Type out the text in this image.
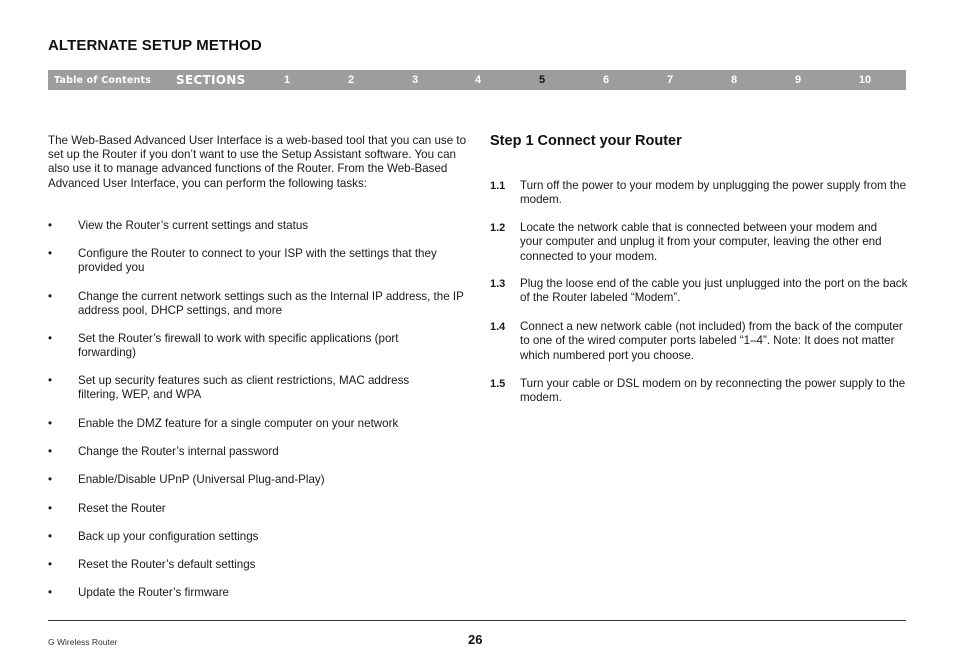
ALTERNATE SETUP METHOD
Table of Contents SECTIONS	1	2	3	4	5	6	7	8	9	10

The Web-Based Advanced User Interface is a web-based tool that you can use to set up the Router if you don’t want to use the Setup Assistant software. You can also use it to manage advanced functions of the Router. From the Web-Based Advanced User Interface, you can perform the following tasks:

• View the Router’s current settings and status
• Configure the Router to connect to your ISP with the settings that they provided you
• Change the current network settings such as the Internal IP address, the IP address pool, DHCP settings, and more
• Set the Router’s firewall to work with specific applications (port forwarding)
• Set up security features such as client restrictions, MAC address filtering, WEP, and WPA
• Enable the DMZ feature for a single computer on your network
• Change the Router’s internal password
• Enable/Disable UPnP (Universal Plug-and-Play)
• Reset the Router
• Back up your configuration settings
• Reset the Router’s default settings
• Update the Router’s firmware
Step 1 Connect your Router
1.1 Turn off the power to your modem by unplugging the power supply from the modem.
1.2 Locate the network cable that is connected between your modem and your computer and unplug it from your computer, leaving the other end connected to your modem.
1.3 Plug the loose end of the cable you just unplugged into the port on the back of the Router labeled “Modem”.
1.4 Connect a new network cable (not included) from the back of the computer to one of the wired computer ports labeled “1–4”. Note: It does not matter which numbered port you choose.
1.5 Turn your cable or DSL modem on by reconnecting the power supply to the modem.
G Wireless Router	26
